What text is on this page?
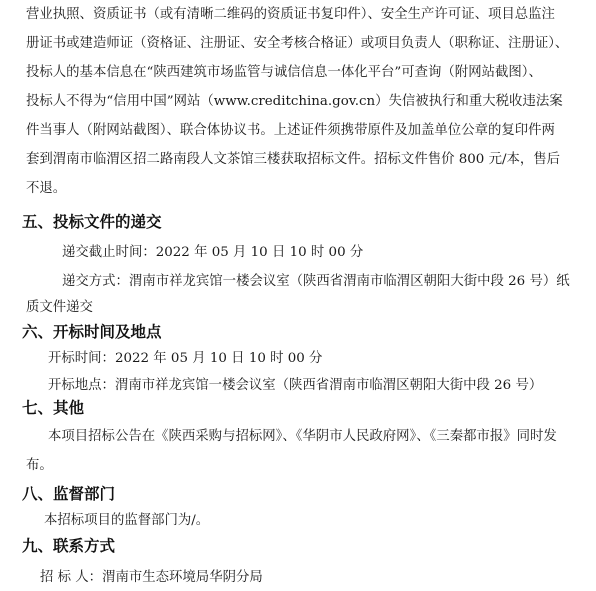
营业执照、资质证书（或有清晰二维码的资质证书复印件）、安全生产许可证、项目总监注
册证书或建造师证（资格证、注册证、安全考核合格证）或项目负责人（职称证、注册证）、
投标人的基本信息在“陕西建筑市场监管与诚信信息一体化平台”可查询（附网站截图）、
投标人不得为“信用中国”网站（www.creditchina.gov.cn）失信被执行和重大税收违法案
件当事人（附网站截图）、联合体协议书。上述证件须携带原件及加盖单位公章的复印件两
套到渭南市临渭区招二路南段人文茶馆三楼获取招标文件。招标文件售价 800 元/本，售后
不退。
五、投标文件的递交
递交截止时间：2022 年 05 月 10 日 10 时 00 分
递交方式：渭南市祥龙宾馆一楼会议室（陕西省渭南市临渭区朝阳大街中段 26 号）纸
质文件递交
六、开标时间及地点
开标时间：2022 年 05 月 10 日 10 时 00 分
开标地点：渭南市祥龙宾馆一楼会议室（陕西省渭南市临渭区朝阳大街中段 26 号）
七、其他
本项目招标公告在《陕西采购与招标网》、《华阴市人民政府网》、《三秦都市报》同时发
布。
八、监督部门
本招标项目的监督部门为/。
九、联系方式
招 标 人：渭南市生态环境局华阴分局
